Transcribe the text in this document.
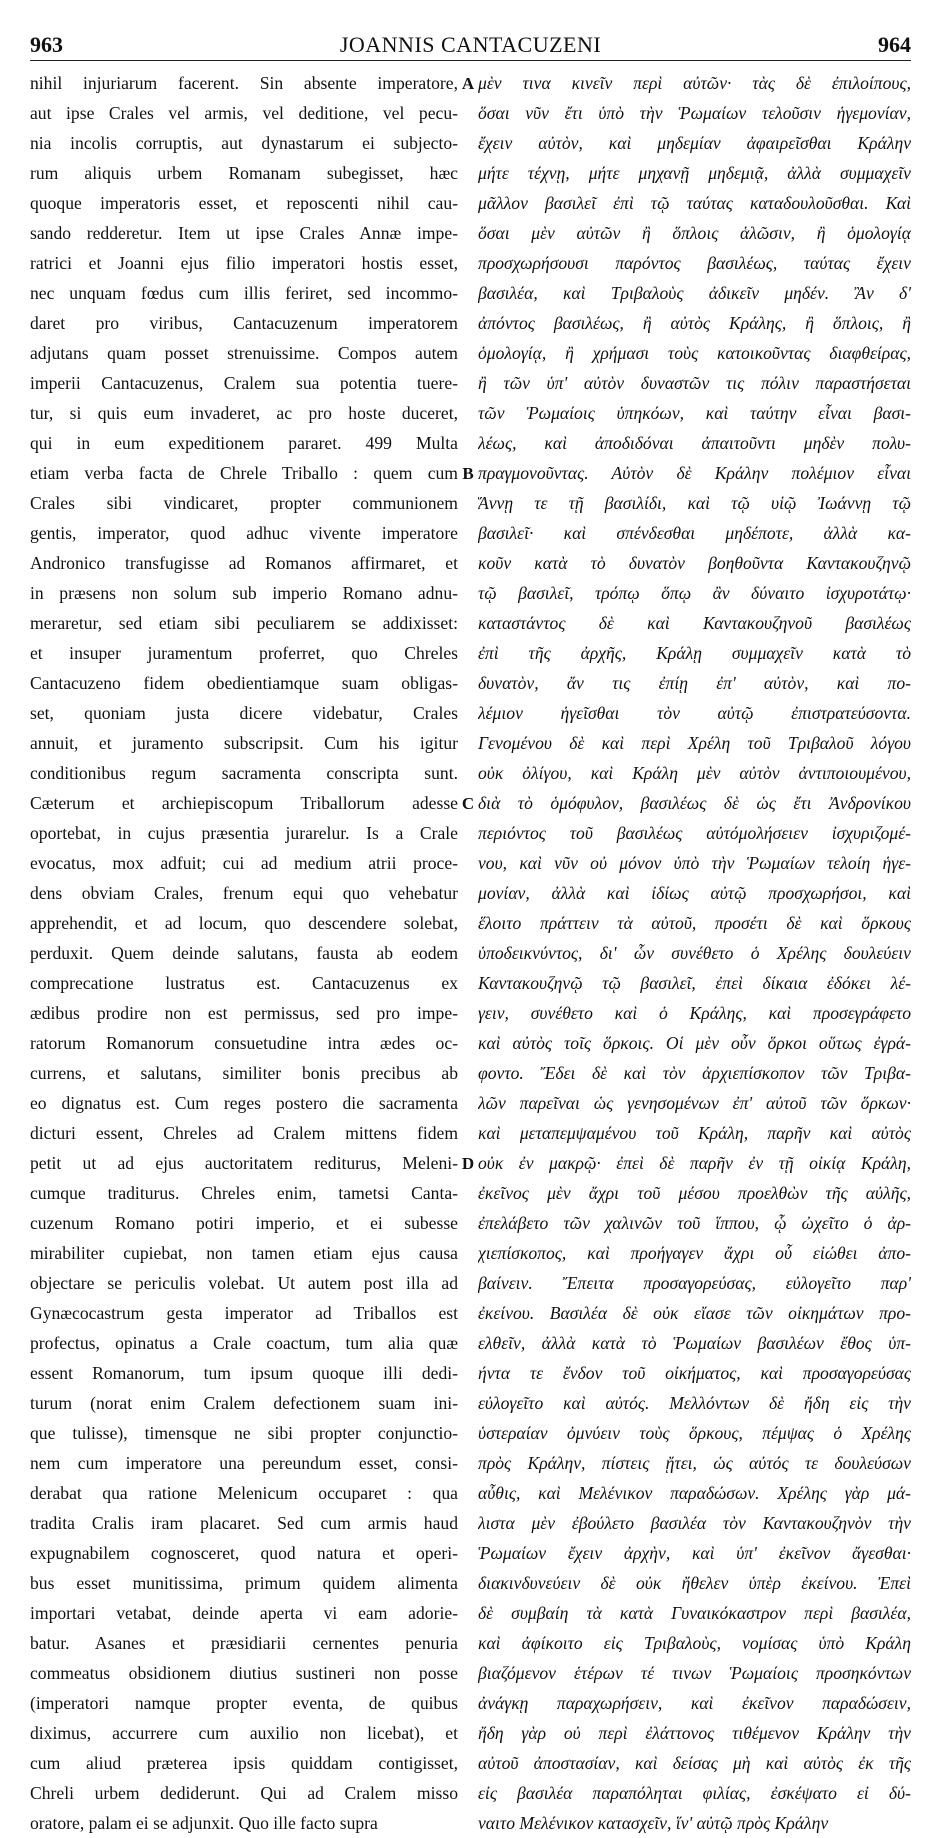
JOANNIS CANTACUZENI
963	964
nihil injuriarum facerent. Sin absente imperatore,
aut ipse Crales vel armis, vel deditione, vel pecu-
nia incolis corruptis, aut dynastarum ei subjecto-
rum aliquis urbem Romanam subegisset, hæc
quoque imperatoris esset, et reposcenti nihil cau-
sando redderetur. Item ut ipse Crales Annæ impe-
ratrici et Joanni ejus filio imperatori hostis esset,
nec unquam fœdus cum illis feriret, sed incommo-
daret pro viribus, Cantacuzenum imperatorem
adjutans quam posset strenuissime. Compos autem
imperii Cantacuzenus, Cralem sua potentia tuere-
tur, si quis eum invaderet, ac pro hoste duceret,
qui in eum expeditionem pararet. 499 Multa
etiam verba facta de Chrele Triballo : quem cum
Crales sibi vindicaret, propter communionem
gentis, imperator, quod adhuc vivente imperatore
Andronico transfugisse ad Romanos affirmaret, et
in præsens non solum sub imperio Romano adnu-
meraretur, sed etiam sibi peculiarem se addixisset:
et insuper juramentum proferret, quo Chreles
Cantacuzeno fidem obedientiamque suam obligas-
set, quoniam justa dicere videbatur, Crales
annuit, et juramento subscripsit. Cum his igitur
conditionibus regum sacramenta conscripta sunt.
Cæterum et archiepiscopum Triballorum adesse
oportebat, in cujus præsentia jurarelur. Is a Crale
evocatus, mox adfuit; cui ad medium atrii proce-
dens obviam Crales, frenum equi quo vehebatur
apprehendit, et ad locum, quo descendere solebat,
perduxit. Quem deinde salutans, fausta ab eodem
comprecatione lustratus est. Cantacuzenus ex
ædibus prodire non est permissus, sed pro impe-
ratorum Romanorum consuetudine intra ædes oc-
currens, et salutans, similiter bonis precibus ab
eo dignatus est. Cum reges postero die sacramenta
dicturi essent, Chreles ad Cralem mittens fidem
petit ut ad ejus auctoritatem rediturus, Meleni-
cumque traditurus. Chreles enim, tametsi Canta-
cuzenum Romano potiri imperio, et ei subesse
mirabiliter cupiebat, non tamen etiam ejus causa
objectare se periculis volebat. Ut autem post illa ad
Gynæcocastrum gesta imperator ad Triballos est
profectus, opinatus a Crale coactum, tum alia quæ
essent Romanorum, tum ipsum quoque illi dedi-
turum (norat enim Cralem defectionem suam ini-
que tulisse), timensque ne sibi propter conjunctio-
nem cum imperatore una pereundum esset, consi-
derabat qua ratione Melenicum occuparet : qua
tradita Cralis iram placaret. Sed cum armis haud
expugnabilem cognosceret, quod natura et operi-
bus esset munitissima, primum quidem alimenta
importari vetabat, deinde aperta vi eam adorie-
batur. Asanes et præsidiarii cernentes penuria
commeatus obsidionem diutius sustineri non posse
(imperatori namque propter eventa, de quibus
diximus, accurrere cum auxilio non licebat), et
cum aliud præterea ipsis quiddam contigisset,
Chreli urbem dediderunt. Qui ad Cralem misso
oratore, palam ei se adjunxit. Quo ille facto supra
μὲν τινα κινεῖν περὶ αὐτῶν· τὰς δὲ ἐπιλοίπους,
ὅσαι νῦν ἔτι ὑπὸ τὴν Ῥωμαίων τελοῦσιν ἡγεμονίαν,
ἔχειν αὐτὸν, καὶ μηδεμίαν ἀφαιρεῖσθαι Κράλην
μήτε τέχνῃ, μήτε μηχανῇ μηδεμιᾷ, ἀλλὰ συμμαχεῖν
μᾶλλον βασιλεῖ ἐπὶ τῷ ταύτας καταδουλοῦσθαι. Καὶ
ὅσαι μὲν αὐτῶν ἢ ὅπλοις ἁλῶσιν, ἢ ὁμολογίᾳ
προσχωρήσουσι παρόντος βασιλέως, ταύτας ἔχειν
βασιλέα, καὶ Τριβαλοὺς ἀδικεῖν μηδέν. Ἂν δ'
ἀπόντος βασιλέως, ἢ αὐτὸς Κράλης, ἢ ὅπλοις, ἢ
ὁμολογίᾳ, ἢ χρήμασι τοὺς κατοικοῦντας διαφθείρας,
ἢ τῶν ὑπ' αὐτὸν δυναστῶν τις πόλιν παραστήσεται
τῶν Ῥωμαίοις ὑπηκόων, καὶ ταύτην εἶναι βασι-
λέως, καὶ ἀποδιδόναι ἀπαιτοῦντι μηδὲν πολυ-
πραγμονοῦντας. Αὐτὸν δὲ Κράλην πολέμιον εἶναι
Ἄννῃ τε τῇ βασιλίδι, καὶ τῷ υἱῷ Ἰωάννῃ τῷ
βασιλεῖ· καὶ σπένδεσθαι μηδέποτε, ἀλλὰ κα-
κοῦν κατὰ τὸ δυνατὸν βοηθοῦντα Καντακουζηνῷ
τῷ βασιλεῖ, τρόπῳ ὅπῳ ἂν δύναιτο ἰσχυροτάτῳ·
καταστάντος δὲ καὶ Καντακουζηνοῦ βασιλέως
ἐπὶ τῆς ἀρχῆς, Κράλῃ συμμαχεῖν κατὰ τὸ
δυνατὸν, ἄν τις ἐπίῃ ἐπ' αὐτὸν, καὶ πο-
λέμιον ἡγεῖσθαι τὸν αὐτῷ ἐπιστρατεύσοντα.
Γενομένου δὲ καὶ περὶ Χρέλη τοῦ Τριβαλοῦ λόγου
οὐκ ὀλίγου, καὶ Κράλη μὲν αὐτὸν ἀντιποιουμένου,
διὰ τὸ ὁμόφυλον, βασιλέως δὲ ὡς ἔτι Ἀνδρονίκου
περιόντος τοῦ βασιλέως αὐτόμολήσειεν ἰσχυριζομέ-
νου, καὶ νῦν οὐ μόνον ὑπὸ τὴν Ῥωμαίων τελοίη ἡγε-
μονίαν, ἀλλὰ καὶ ἰδίως αὐτῷ προσχωρήσοι, καὶ
ἕλοιτο πράττειν τὰ αὐτοῦ, προσέτι δὲ καὶ ὅρκους
ὑποδεικνύντος, δι' ὧν συνέθετο ὁ Χρέλης δουλεύειν
Καντακουζηνῷ τῷ βασιλεῖ, ἐπεὶ δίκαια ἐδόκει λέ-
γειν, συνέθετο καὶ ὁ Κράλης, καὶ προσεγράφετο
καὶ αὐτὸς τοῖς ὅρκοις. Οἱ μὲν οὖν ὅρκοι οὕτως ἐγρά-
φοντο. Ἔδει δὲ καὶ τὸν ἀρχιεπίσκοπον τῶν Τριβα-
λῶν παρεῖναι ὡς γενησομένων ἐπ' αὐτοῦ τῶν ὅρκων·
καὶ μεταπεμψαμένου τοῦ Κράλη, παρῆν καὶ αὐτὸς
οὐκ ἐν μακρῷ· ἐπεὶ δὲ παρῆν ἐν τῇ οἰκίᾳ Κράλη,
ἐκεῖνος μὲν ἄχρι τοῦ μέσου προελθὼν τῆς αὐλῆς,
ἐπελάβετο τῶν χαλινῶν τοῦ ἵππου, ᾧ ὠχεῖτο ὁ ἀρ-
χιεπίσκοπος, καὶ προήγαγεν ἄχρι οὗ εἰώθει ἀπο-
βαίνειν. Ἔπειτα προσαγορεύσας, εὐλογεῖτο παρ'
ἐκείνου. Βασιλέα δὲ οὐκ εἴασε τῶν οἰκημάτων προ-
ελθεῖν, ἀλλὰ κατὰ τὸ Ῥωμαίων βασιλέων ἔθος ὑπ-
ήντα τε ἔνδον τοῦ οἰκήματος, καὶ προσαγορεύσας
εὐλογεῖτο καὶ αὐτός. Μελλόντων δὲ ἤδη εἰς τὴν
ὑστεραίαν ὀμνύειν τοὺς ὅρκους, πέμψας ὁ Χρέλης
πρὸς Κράλην, πίστεις ᾔτει, ὡς αὐτός τε δουλεύσων
αὖθις, καὶ Μελένικον παραδώσων. Χρέλης γὰρ μά-
λιστα μὲν ἐβούλετο βασιλέα τὸν Καντακουζηνὸν τὴν
Ῥωμαίων ἔχειν ἀρχὴν, καὶ ὑπ' ἐκεῖνον ἄγεσθαι·
διακινδυνεύειν δὲ οὐκ ἤθελεν ὑπὲρ ἐκείνου. Ἐπεὶ
δὲ συμβαίη τὰ κατὰ Γυναικόκαστρον περὶ βασιλέα,
καὶ ἀφίκοιτο εἰς Τριβαλοὺς, νομίσας ὑπὸ Κράλη
βιαζόμενον ἑτέρων τέ τινων Ῥωμαίοις προσηκόντων
ἀνάγκῃ παραχωρήσειν, καὶ ἐκεῖνον παραδώσειν,
ἤδη γὰρ οὐ περὶ ἐλάττονος τιθέμενον Κράλην τὴν
αὐτοῦ ἀποστασίαν, καὶ δείσας μὴ καὶ αὐτὸς ἐκ τῆς
εἰς βασιλέα παραπόληται φιλίας, ἐσκέψατο εἰ δύ-
ναιτο Μελένικον κατασχεῖν, ἵν' αὐτῷ πρὸς Κράλην
A
B
C
D
